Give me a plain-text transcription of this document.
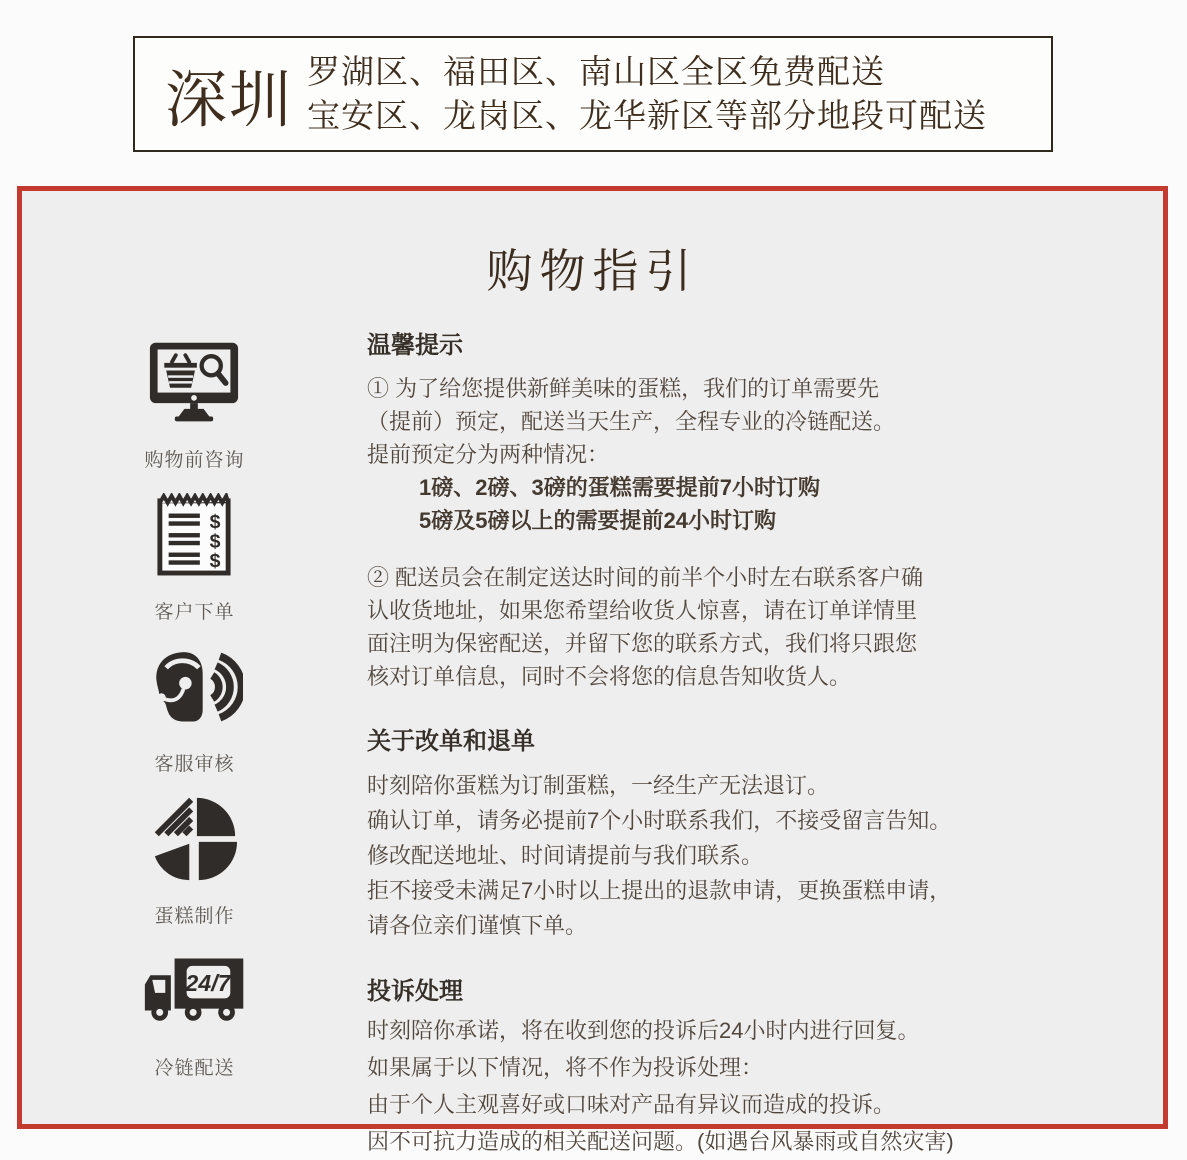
深圳 罗湖区、福田区、南山区全区免费配送
宝安区、龙岗区、龙华新区等部分地段可配送
购物指引
购物前咨询
$
$
$
客户下单
客服审核
蛋糕制作
24/7
冷链配送
温馨提示
① 为了给您提供新鲜美味的蛋糕，我们的订单需要先
（提前）预定，配送当天生产，全程专业的冷链配送。
提前预定分为两种情况：
1磅、2磅、3磅的蛋糕需要提前7小时订购
5磅及5磅以上的需要提前24小时订购
② 配送员会在制定送达时间的前半个小时左右联系客户确
认收货地址，如果您希望给收货人惊喜，请在订单详情里
面注明为保密配送，并留下您的联系方式，我们将只跟您
核对订单信息，同时不会将您的信息告知收货人。
关于改单和退单
时刻陪你蛋糕为订制蛋糕，一经生产无法退订。
确认订单，请务必提前7个小时联系我们，不接受留言告知。
修改配送地址、时间请提前与我们联系。
拒不接受未满足7小时以上提出的退款申请，更换蛋糕申请，
请各位亲们谨慎下单。
投诉处理
时刻陪你承诺，将在收到您的投诉后24小时内进行回复。
如果属于以下情况，将不作为投诉处理：
由于个人主观喜好或口味对产品有异议而造成的投诉。
因不可抗力造成的相关配送问题。(如遇台风暴雨或自然灾害)
